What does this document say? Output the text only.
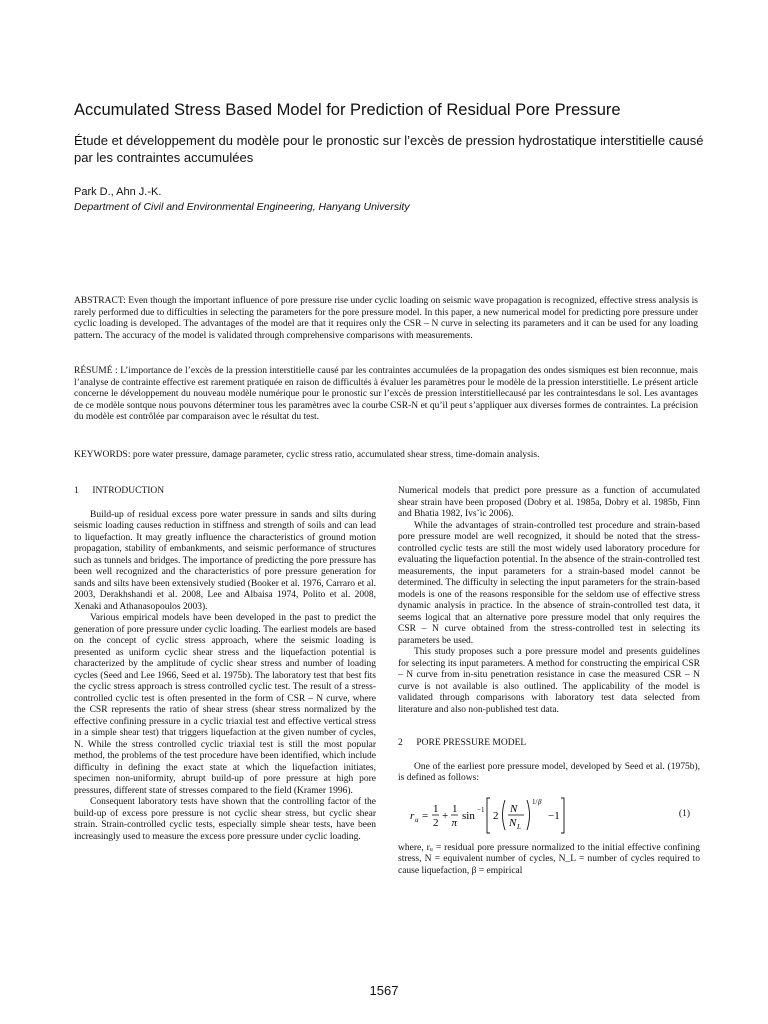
Accumulated Stress Based Model for Prediction of Residual Pore Pressure
Étude et développement du modèle pour le pronostic sur l’excès de pression hydrostatique interstitielle causé par les contraintes accumulées
Park D., Ahn J.-K.
Department of Civil and Environmental Engineering, Hanyang University
ABSTRACT: Even though the important influence of pore pressure rise under cyclic loading on seismic wave propagation is recognized, effective stress analysis is rarely performed due to difficulties in selecting the parameters for the pore pressure model. In this paper, a new numerical model for predicting pore pressure under cyclic loading is developed. The advantages of the model are that it requires only the CSR – N curve in selecting its parameters and it can be used for any loading pattern. The accuracy of the model is validated through comprehensive comparisons with measurements.
RÉSUMÉ : L’importance de l’excès de la pression interstitielle causé par les contraintes accumulées de la propagation des ondes sismiques est bien reconnue, mais l’analyse de contrainte effective est rarement pratiquée en raison de difficultés à évaluer les paramètres pour le modèle de la pression interstitielle. Le présent article concerne le développement du nouveau modèle numérique pour le pronostic sur l’excès de pression interstitiellecausé par les contraintesdans le sol. Les avantages de ce modèle sontque nous pouvons déterminer tous les paramètres avec la courbe CSR-N et qu’il peut s’appliquer aux diverses formes de contraintes. La précision du modèle est contrôlée par comparaison avec le résultat du test.
KEYWORDS: pore water pressure, damage parameter, cyclic stress ratio, accumulated shear stress, time-domain analysis.
1 INTRODUCTION

Build-up of residual excess pore water pressure in sands and silts during seismic loading causes reduction in stiffness and strength of soils and can lead to liquefaction. It may greatly influence the characteristics of ground motion propagation, stability of embankments, and seismic performance of structures such as tunnels and bridges. The importance of predicting the pore pressure has been well recognized and the characteristics of pore pressure generation for sands and silts have been extensively studied (Booker et al. 1976, Carraro et al. 2003, Derakhshandi et al. 2008, Lee and Albaisa 1974, Polito et al. 2008, Xenaki and Athanasopoulos 2003).

Various empirical models have been developed in the past to predict the generation of pore pressure under cyclic loading. The earliest models are based on the concept of cyclic stress approach, where the seismic loading is presented as uniform cyclic shear stress and the liquefaction potential is characterized by the amplitude of cyclic shear stress and number of loading cycles (Seed and Lee 1966, Seed et al. 1975b). The laboratory test that best fits the cyclic stress approach is stress controlled cyclic test. The result of a stress-controlled cyclic test is often presented in the form of CSR – N curve, where the CSR represents the ratio of shear stress (shear stress normalized by the effective confining pressure in a cyclic triaxial test and effective vertical stress in a simple shear test) that triggers liquefaction at the given number of cycles, N. While the stress controlled cyclic triaxial test is still the most popular method, the problems of the test procedure have been identified, which include difficulty in defining the exact state at which the liquefaction initiates, specimen non-uniformity, abrupt build-up of pore pressure at high pore pressures, different state of stresses compared to the field (Kramer 1996).

Consequent laboratory tests have shown that the controlling factor of the build-up of excess pore pressure is not cyclic shear stress, but cyclic shear strain. Strain-controlled cyclic tests, especially simple shear tests, have been increasingly used to measure the excess pore pressure under cyclic loading.

Numerical models that predict pore pressure as a function of accumulated shear strain have been proposed (Dobry et al. 1985a, Dobry et al. 1985b, Finn and Bhatia 1982, Ivs˘ic 2006).

While the advantages of strain-controlled test procedure and strain-based pore pressure model are well recognized, it should be noted that the stress-controlled cyclic tests are still the most widely used laboratory procedure for evaluating the liquefaction potential. In the absence of the strain-controlled test measurements, the input parameters for a strain-based model cannot be determined. The difficulty in selecting the input parameters for the strain-based models is one of the reasons responsible for the seldom use of effective stress dynamic analysis in practice. In the absence of strain-controlled test data, it seems logical that an alternative pore pressure model that only requires the CSR – N curve obtained from the stress-controlled test in selecting its parameters be used.

This study proposes such a pore pressure model and presents guidelines for selecting its input parameters. A method for constructing the empirical CSR – N curve from in-situ penetration resistance in case the measured CSR – N curve is not available is also outlined. The applicability of the model is validated through comparisons with laboratory test data selected from literature and also non-published test data.

2 PORE PRESSURE MODEL

One of the earliest pore pressure model, developed by Seed et al. (1975b), is defined as follows:

r u =
1
2
+
1
π
sin −1 2
N
N L
1/ β
−1	(1)

where, rᵤ = residual pore pressure normalized to the initial effective confining stress, N = equivalent number of cycles, N_L = number of cycles required to cause liquefaction, β = empirical

1567
